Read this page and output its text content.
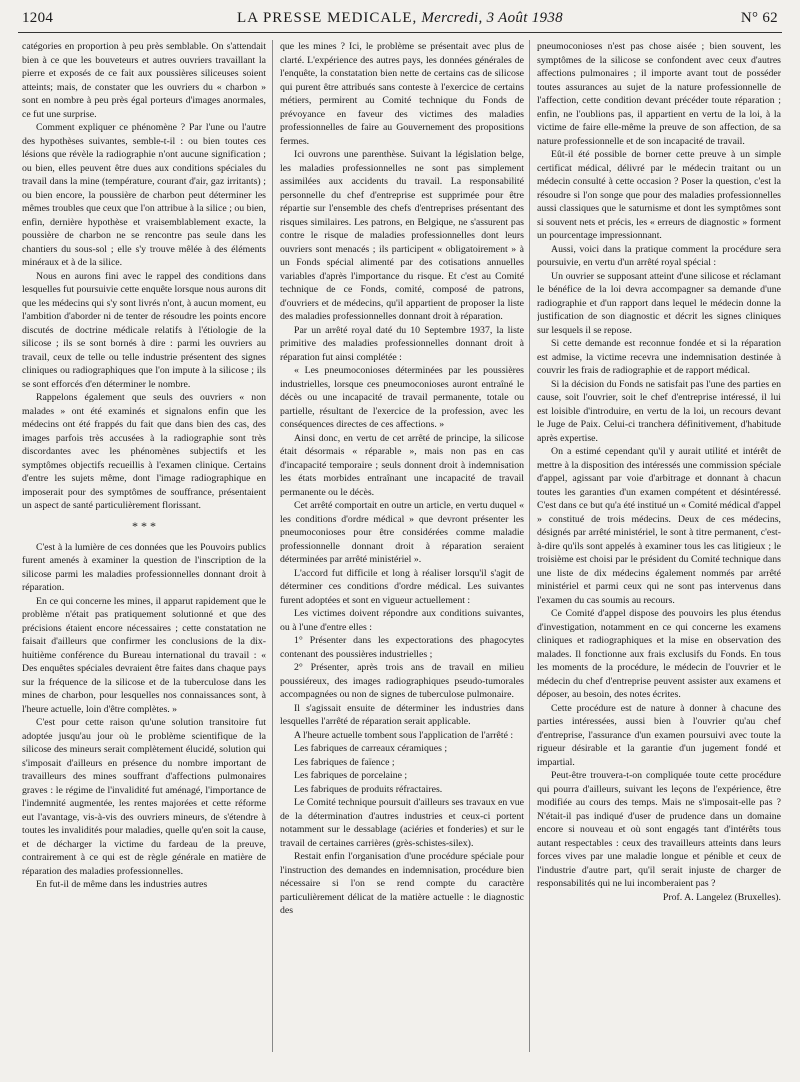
1204	LA PRESSE MEDICALE, Mercredi, 3 Août 1938	N° 62

catégories en proportion à peu près semblable. On s'attendait bien à ce que les bouveteurs et autres ouvriers travaillant la pierre et exposés de ce fait aux poussières siliceuses soient atteints; mais, de constater que les ouvriers du « charbon » sont en nombre à peu près égal porteurs d'images anormales, ce fut une surprise.

Comment expliquer ce phénomène ? Par l'une ou l'autre des hypothèses suivantes, semble-t-il : ou bien toutes ces lésions que révèle la radiographie n'ont aucune signification ; ou bien, elles peuvent être dues aux conditions spéciales du travail dans la mine (température, courant d'air, gaz irritants) ; ou bien encore, la poussière de charbon peut déterminer les mêmes troubles que ceux que l'on attribue à la silice ; ou bien, enfin, dernière hypothèse et vraisemblablement exacte, la poussière de charbon ne se rencontre pas seule dans les chantiers du sous-sol ; elle s'y trouve mêlée à des éléments minéraux et à de la silice.

Nous en aurons fini avec le rappel des conditions dans lesquelles fut poursuivie cette enquête lorsque nous aurons dit que les médecins qui s'y sont livrés n'ont, à aucun moment, eu l'ambition d'aborder ni de tenter de résoudre les points encore discutés de doctrine médicale relatifs à l'étiologie de la silicose ; ils se sont bornés à dire : parmi les ouvriers au travail, ceux de telle ou telle industrie présentent des signes cliniques ou radiographiques que l'on impute à la silicose ; ils se sont efforcés d'en déterminer le nombre.

Rappelons également que seuls des ouvriers « non malades » ont été examinés et signalons enfin que les médecins ont été frappés du fait que dans bien des cas, des images parfois très accusées à la radiographie sont très discordantes avec les phénomènes subjectifs et les symptômes objectifs recueillis à l'examen clinique. Certains d'entre les sujets même, dont l'image radiographique en imposerait pour des symptômes de souffrance, présentaient un aspect de santé particulièrement florissant.

* * *

C'est à la lumière de ces données que les Pouvoirs publics furent amenés à examiner la question de l'inscription de la silicose parmi les maladies professionnelles donnant droit à réparation.

En ce qui concerne les mines, il apparut rapidement que le problème n'était pas pratiquement solutionné et que des précisions étaient encore nécessaires ; cette constatation ne faisait d'ailleurs que confirmer les conclusions de la dix-huitième conférence du Bureau international du travail : « Des enquêtes spéciales devraient être faites dans chaque pays sur la fréquence de la silicose et de la tuberculose dans les mines de charbon, pour lesquelles nos connaissances sont, à l'heure actuelle, loin d'être complètes. »

C'est pour cette raison qu'une solution transitoire fut adoptée jusqu'au jour où le problème scientifique de la silicose des mineurs serait complètement élucidé, solution qui s'imposait d'ailleurs en présence du nombre important de travailleurs des mines souffrant d'affections pulmonaires graves : le régime de l'invalidité fut aménagé, l'importance de l'indemnité augmentée, les rentes majorées et cette réforme eut l'avantage, vis-à-vis des ouvriers mineurs, de s'étendre à toutes les invalidités pour maladies, quelle qu'en soit la cause, et de décharger la victime du fardeau de la preuve, contrairement à ce qui est de règle générale en matière de réparation des maladies professionnelles.

En fut-il de même dans les industries autres

que les mines ? Ici, le problème se présentait avec plus de clarté. L'expérience des autres pays, les données générales de l'enquête, la constatation bien nette de certains cas de silicose qui purent être attribués sans conteste à l'exercice de certains métiers, permirent au Comité technique du Fonds de prévoyance en faveur des victimes des maladies professionnelles de faire au Gouvernement des propositions fermes.

Ici ouvrons une parenthèse. Suivant la législation belge, les maladies professionnelles ne sont pas simplement assimilées aux accidents du travail. La responsabilité personnelle du chef d'entreprise est supprimée pour être répartie sur l'ensemble des chefs d'entreprises présentant des risques similaires. Les patrons, en Belgique, ne s'assurent pas contre le risque de maladies professionnelles dont leurs ouvriers sont menacés ; ils participent « obligatoirement » à un Fonds spécial alimenté par des cotisations annuelles variables d'après l'importance du risque. Et c'est au Comité technique de ce Fonds, comité, composé de patrons, d'ouvriers et de médecins, qu'il appartient de proposer la liste des maladies professionnelles donnant droit à réparation.

Par un arrêté royal daté du 10 Septembre 1937, la liste primitive des maladies professionnelles donnant droit à réparation fut ainsi complétée :

« Les pneumoconioses déterminées par les poussières industrielles, lorsque ces pneumoconioses auront entraîné le décès ou une incapacité de travail permanente, totale ou partielle, résultant de l'exercice de la profession, avec les conséquences directes de ces affections. »

Ainsi donc, en vertu de cet arrêté de principe, la silicose était désormais « réparable », mais non pas en cas d'incapacité temporaire ; seuls donnent droit à indemnisation les états morbides entraînant une incapacité de travail permanente ou le décès.

Cet arrêté comportait en outre un article, en vertu duquel « les conditions d'ordre médical » que devront présenter les pneumoconioses pour être considérées comme maladie professionnelle donnant droit à réparation seraient déterminées par arrêté ministériel ».

L'accord fut difficile et long à réaliser lorsqu'il s'agit de déterminer ces conditions d'ordre médical. Les suivantes furent adoptées et sont en vigueur actuellement :

Les victimes doivent répondre aux conditions suivantes, ou à l'une d'entre elles :

1° Présenter dans les expectorations des phagocytes contenant des poussières industrielles ;

2° Présenter, après trois ans de travail en milieu poussiéreux, des images radiographiques pseudo-tumorales accompagnées ou non de signes de tuberculose pulmonaire.

Il s'agissait ensuite de déterminer les industries dans lesquelles l'arrêté de réparation serait applicable.

A l'heure actuelle tombent sous l'application de l'arrêté :

Les fabriques de carreaux céramiques ;

Les fabriques de faïence ;

Les fabriques de porcelaine ;

Les fabriques de produits réfractaires.

Le Comité technique poursuit d'ailleurs ses travaux en vue de la détermination d'autres industries et ceux-ci portent notamment sur le dessablage (aciéries et fonderies) et sur le travail de certaines carrières (grès-schistes-silex).

Restait enfin l'organisation d'une procédure spéciale pour l'instruction des demandes en indemnisation, procédure bien nécessaire si l'on se rend compte du caractère particulièrement délicat de la matière actuelle : le diagnostic des

pneumoconioses n'est pas chose aisée ; bien souvent, les symptômes de la silicose se confondent avec ceux d'autres affections pulmonaires ; il importe avant tout de posséder toutes assurances au sujet de la nature professionnelle de l'affection, cette condition devant précéder toute réparation ; enfin, ne l'oublions pas, il appartient en vertu de la loi, à la victime de faire elle-même la preuve de son affection, de sa nature professionnelle et de son incapacité de travail.

Eût-il été possible de borner cette preuve à un simple certificat médical, délivré par le médecin traitant ou un médecin consulté à cette occasion ? Poser la question, c'est la résoudre si l'on songe que pour des maladies professionnelles aussi classiques que le saturnisme et dont les symptômes sont si souvent nets et précis, les « erreurs de diagnostic » forment un pourcentage impressionnant.

Aussi, voici dans la pratique comment la procédure sera poursuivie, en vertu d'un arrêté royal spécial :

Un ouvrier se supposant atteint d'une silicose et réclamant le bénéfice de la loi devra accompagner sa demande d'une radiographie et d'un rapport dans lequel le médecin donne la justification de son diagnostic et décrit les signes cliniques sur lesquels il se repose.

Si cette demande est reconnue fondée et si la réparation est admise, la victime recevra une indemnisation destinée à couvrir les frais de radiographie et de rapport médical.

Si la décision du Fonds ne satisfait pas l'une des parties en cause, soit l'ouvrier, soit le chef d'entreprise intéressé, il lui est loisible d'introduire, en vertu de la loi, un recours devant le Juge de Paix. Celui-ci tranchera définitivement, d'habitude après expertise.

On a estimé cependant qu'il y aurait utilité et intérêt de mettre à la disposition des intéressés une commission spéciale d'appel, agissant par voie d'arbitrage et donnant à chacun toutes les garanties d'un examen compétent et désintéressé. C'est dans ce but qu'a été institué un « Comité médical d'appel » constitué de trois médecins. Deux de ces médecins, désignés par arrêté ministériel, le sont à titre permanent, c'est-à-dire qu'ils sont appelés à examiner tous les cas litigieux ; le troisième est choisi par le président du Comité technique dans une liste de dix médecins également nommés par arrêté ministériel et parmi ceux qui ne sont pas intervenus dans l'examen du cas soumis au recours.

Ce Comité d'appel dispose des pouvoirs les plus étendus d'investigation, notamment en ce qui concerne les examens cliniques et radiographiques et la mise en observation des malades. Il fonctionne aux frais exclusifs du Fonds. En tous les moments de la procédure, le médecin de l'ouvrier et le médecin du chef d'entreprise peuvent assister aux examens et déposer, au besoin, des notes écrites.

Cette procédure est de nature à donner à chacune des parties intéressées, aussi bien à l'ouvrier qu'au chef d'entreprise, l'assurance d'un examen poursuivi avec toute la rigueur désirable et la garantie d'un jugement fondé et impartial.

Peut-être trouvera-t-on compliquée toute cette procédure qui pourra d'ailleurs, suivant les leçons de l'expérience, être modifiée au cours des temps. Mais ne s'imposait-elle pas ? N'était-il pas indiqué d'user de prudence dans un domaine encore si nouveau et où sont engagés tant d'intérêts tous autant respectables : ceux des travailleurs atteints dans leurs forces vives par une maladie longue et pénible et ceux de l'industrie d'autre part, qu'il serait injuste de charger de responsabilités qui ne lui incomberaient pas ?

Prof. A. Langelez (Bruxelles).
